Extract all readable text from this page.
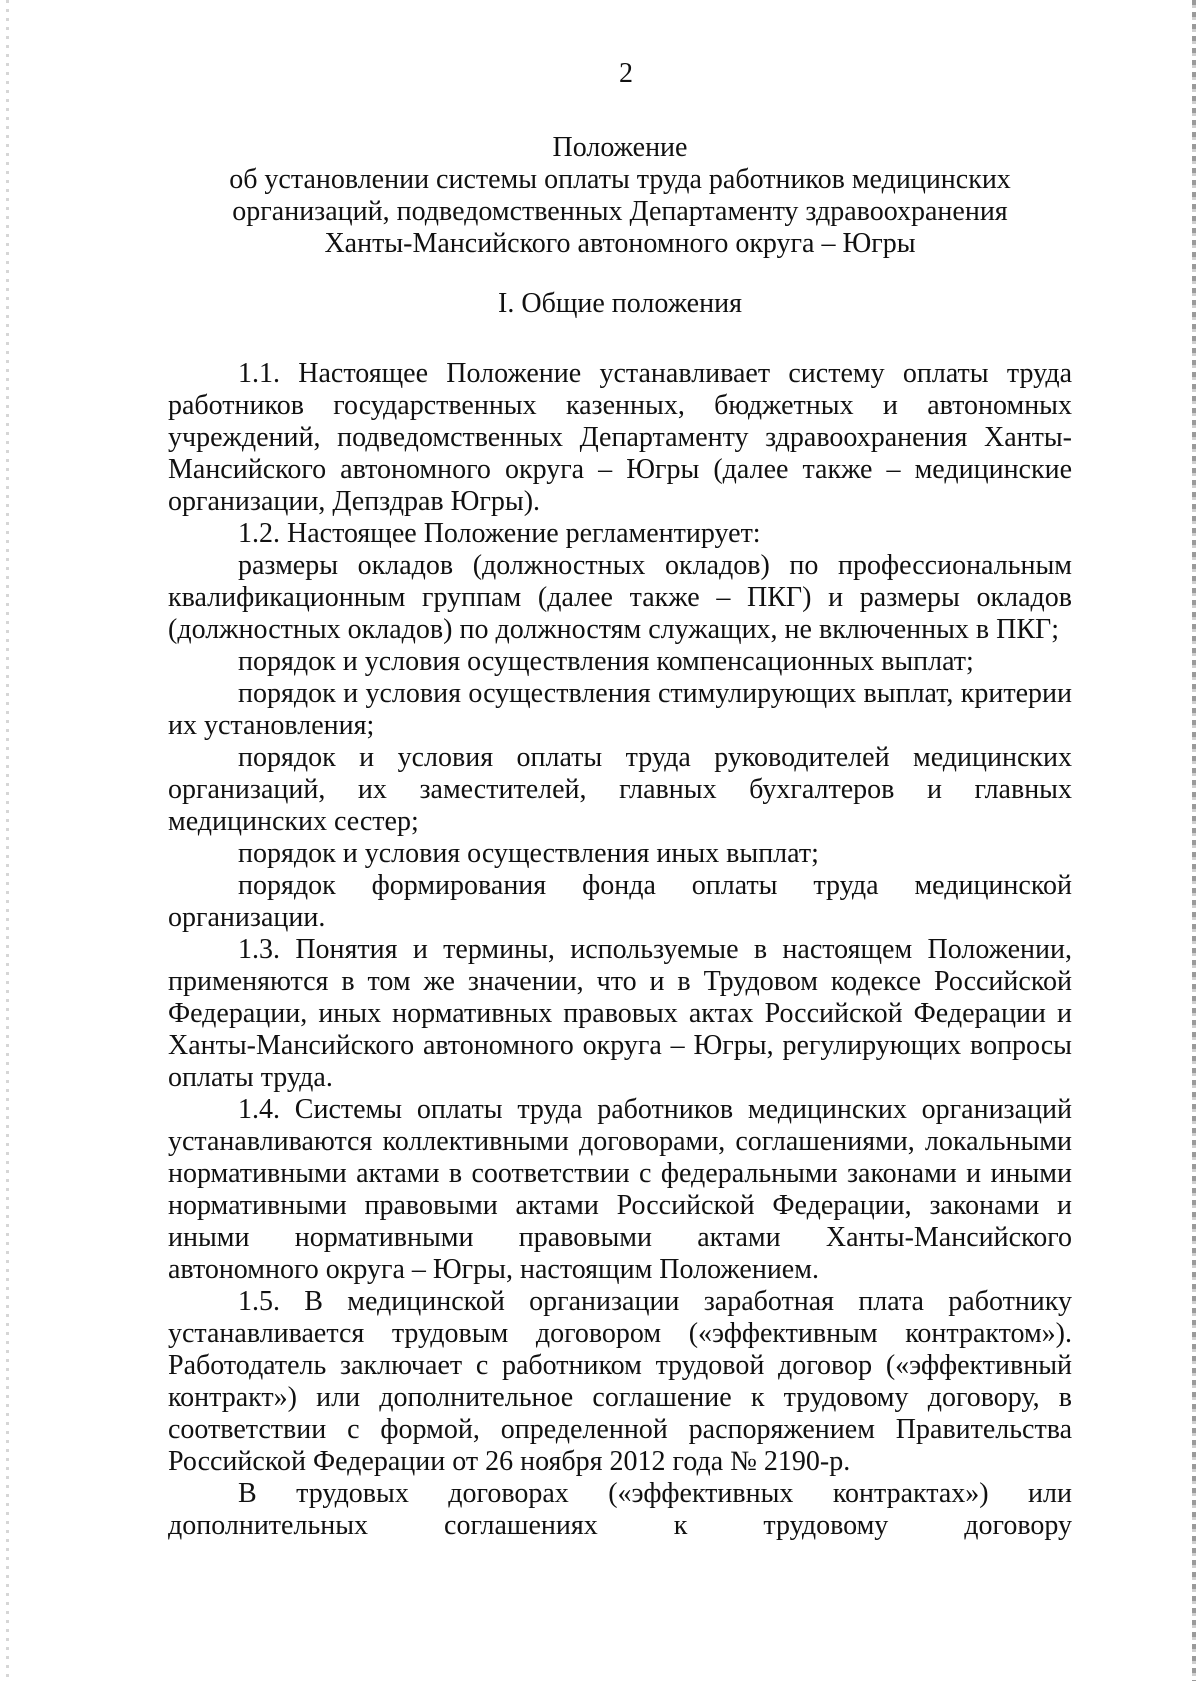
2
Положение
об установлении системы оплаты труда работников медицинских
организаций, подведомственных Департаменту здравоохранения
Ханты-Мансийского автономного округа – Югры
I. Общие положения

1.1. Настоящее Положение устанавливает систему оплаты труда работников государственных казенных, бюджетных и автономных учреждений, подведомственных Департаменту здравоохранения Ханты-Мансийского автономного округа – Югры (далее также – медицинские организации, Депздрав Югры).

1.2. Настоящее Положение регламентирует:

размеры окладов (должностных окладов) по профессиональным квалификационным группам (далее также – ПКГ) и размеры окладов (должностных окладов) по должностям служащих, не включенных в ПКГ;

порядок и условия осуществления компенсационных выплат;

порядок и условия осуществления стимулирующих выплат, критерии их установления;

порядок и условия оплаты труда руководителей медицинских организаций, их заместителей, главных бухгалтеров и главных медицинских сестер;

порядок и условия осуществления иных выплат;

порядок формирования фонда оплаты труда медицинской организации.

1.3. Понятия и термины, используемые в настоящем Положении, применяются в том же значении, что и в Трудовом кодексе Российской Федерации, иных нормативных правовых актах Российской Федерации и Ханты-Мансийского автономного округа – Югры, регулирующих вопросы оплаты труда.

1.4. Системы оплаты труда работников медицинских организаций устанавливаются коллективными договорами, соглашениями, локальными нормативными актами в соответствии с федеральными законами и иными нормативными правовыми актами Российской Федерации, законами и иными нормативными правовыми актами Ханты-Мансийского автономного округа – Югры, настоящим Положением.

1.5. В медицинской организации заработная плата работнику устанавливается трудовым договором («эффективным контрактом»). Работодатель заключает с работником трудовой договор («эффективный контракт») или дополнительное соглашение к трудовому договору, в соответствии с формой, определенной распоряжением Правительства Российской Федерации от 26 ноября 2012 года № 2190-р.

В трудовых договорах («эффективных контрактах») или дополнительных соглашениях к трудовому договору
